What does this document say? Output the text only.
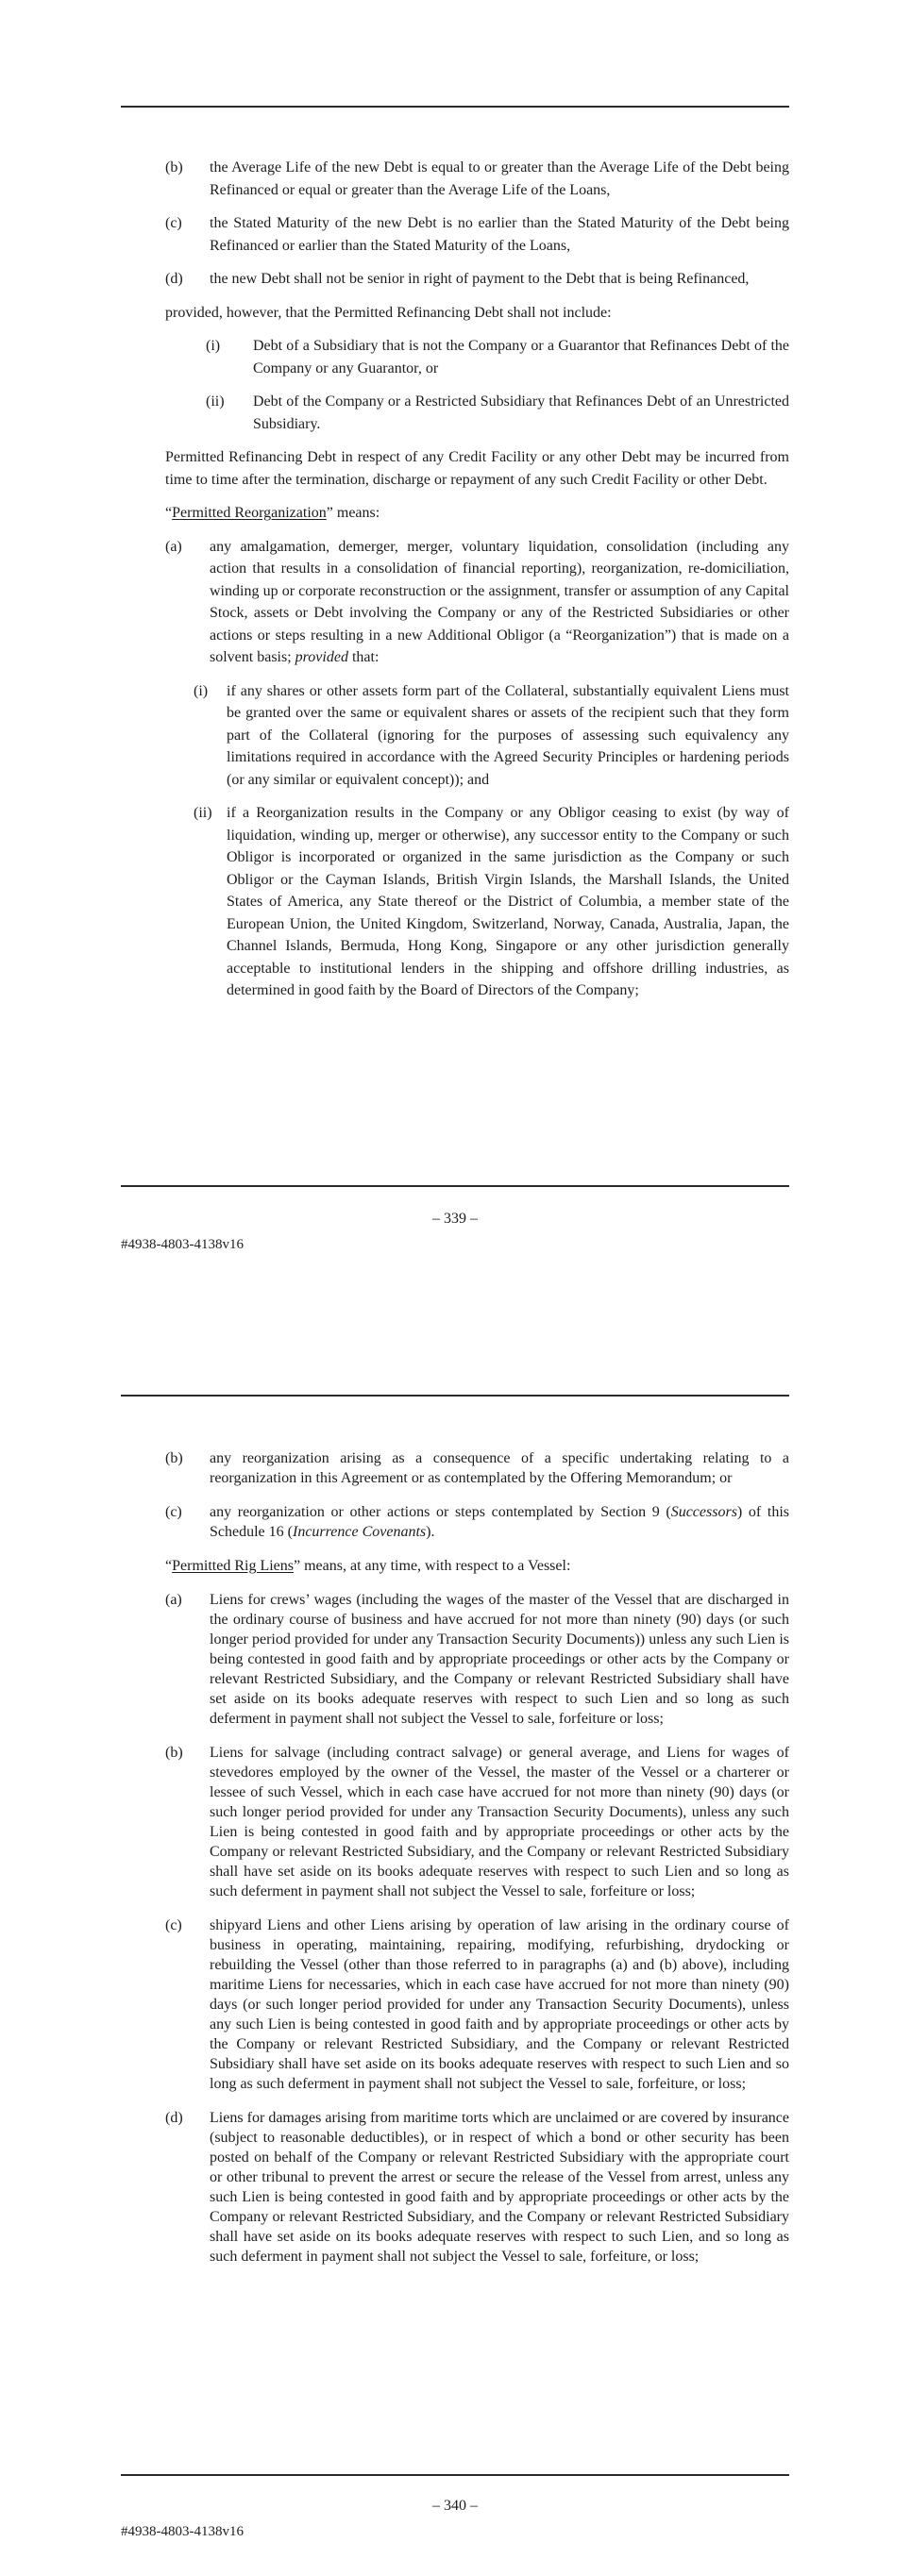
(b) the Average Life of the new Debt is equal to or greater than the Average Life of the Debt being Refinanced or equal or greater than the Average Life of the Loans,
(c) the Stated Maturity of the new Debt is no earlier than the Stated Maturity of the Debt being Refinanced or earlier than the Stated Maturity of the Loans,
(d) the new Debt shall not be senior in right of payment to the Debt that is being Refinanced,
provided, however, that the Permitted Refinancing Debt shall not include:
(i) Debt of a Subsidiary that is not the Company or a Guarantor that Refinances Debt of the Company or any Guarantor, or
(ii) Debt of the Company or a Restricted Subsidiary that Refinances Debt of an Unrestricted Subsidiary.
Permitted Refinancing Debt in respect of any Credit Facility or any other Debt may be incurred from time to time after the termination, discharge or repayment of any such Credit Facility or other Debt.
“Permitted Reorganization” means:
(a) any amalgamation, demerger, merger, voluntary liquidation, consolidation (including any action that results in a consolidation of financial reporting), reorganization, re-domiciliation, winding up or corporate reconstruction or the assignment, transfer or assumption of any Capital Stock, assets or Debt involving the Company or any of the Restricted Subsidiaries or other actions or steps resulting in a new Additional Obligor (a “Reorganization”) that is made on a solvent basis; provided that:
(i) if any shares or other assets form part of the Collateral, substantially equivalent Liens must be granted over the same or equivalent shares or assets of the recipient such that they form part of the Collateral (ignoring for the purposes of assessing such equivalency any limitations required in accordance with the Agreed Security Principles or hardening periods (or any similar or equivalent concept)); and
(ii) if a Reorganization results in the Company or any Obligor ceasing to exist (by way of liquidation, winding up, merger or otherwise), any successor entity to the Company or such Obligor is incorporated or organized in the same jurisdiction as the Company or such Obligor or the Cayman Islands, British Virgin Islands, the Marshall Islands, the United States of America, any State thereof or the District of Columbia, a member state of the European Union, the United Kingdom, Switzerland, Norway, Canada, Australia, Japan, the Channel Islands, Bermuda, Hong Kong, Singapore or any other jurisdiction generally acceptable to institutional lenders in the shipping and offshore drilling industries, as determined in good faith by the Board of Directors of the Company;
– 339 –
#4938-4803-4138v16
(b) any reorganization arising as a consequence of a specific undertaking relating to a reorganization in this Agreement or as contemplated by the Offering Memorandum; or
(c) any reorganization or other actions or steps contemplated by Section 9 (Successors) of this Schedule 16 (Incurrence Covenants).
“Permitted Rig Liens” means, at any time, with respect to a Vessel:
(a) Liens for crews’ wages (including the wages of the master of the Vessel that are discharged in the ordinary course of business and have accrued for not more than ninety (90) days (or such longer period provided for under any Transaction Security Documents)) unless any such Lien is being contested in good faith and by appropriate proceedings or other acts by the Company or relevant Restricted Subsidiary, and the Company or relevant Restricted Subsidiary shall have set aside on its books adequate reserves with respect to such Lien and so long as such deferment in payment shall not subject the Vessel to sale, forfeiture or loss;
(b) Liens for salvage (including contract salvage) or general average, and Liens for wages of stevedores employed by the owner of the Vessel, the master of the Vessel or a charterer or lessee of such Vessel, which in each case have accrued for not more than ninety (90) days (or such longer period provided for under any Transaction Security Documents), unless any such Lien is being contested in good faith and by appropriate proceedings or other acts by the Company or relevant Restricted Subsidiary, and the Company or relevant Restricted Subsidiary shall have set aside on its books adequate reserves with respect to such Lien and so long as such deferment in payment shall not subject the Vessel to sale, forfeiture or loss;
(c) shipyard Liens and other Liens arising by operation of law arising in the ordinary course of business in operating, maintaining, repairing, modifying, refurbishing, drydocking or rebuilding the Vessel (other than those referred to in paragraphs (a) and (b) above), including maritime Liens for necessaries, which in each case have accrued for not more than ninety (90) days (or such longer period provided for under any Transaction Security Documents), unless any such Lien is being contested in good faith and by appropriate proceedings or other acts by the Company or relevant Restricted Subsidiary, and the Company or relevant Restricted Subsidiary shall have set aside on its books adequate reserves with respect to such Lien and so long as such deferment in payment shall not subject the Vessel to sale, forfeiture, or loss;
(d) Liens for damages arising from maritime torts which are unclaimed or are covered by insurance (subject to reasonable deductibles), or in respect of which a bond or other security has been posted on behalf of the Company or relevant Restricted Subsidiary with the appropriate court or other tribunal to prevent the arrest or secure the release of the Vessel from arrest, unless any such Lien is being contested in good faith and by appropriate proceedings or other acts by the Company or relevant Restricted Subsidiary, and the Company or relevant Restricted Subsidiary shall have set aside on its books adequate reserves with respect to such Lien, and so long as such deferment in payment shall not subject the Vessel to sale, forfeiture, or loss;
– 340 –
#4938-4803-4138v16
